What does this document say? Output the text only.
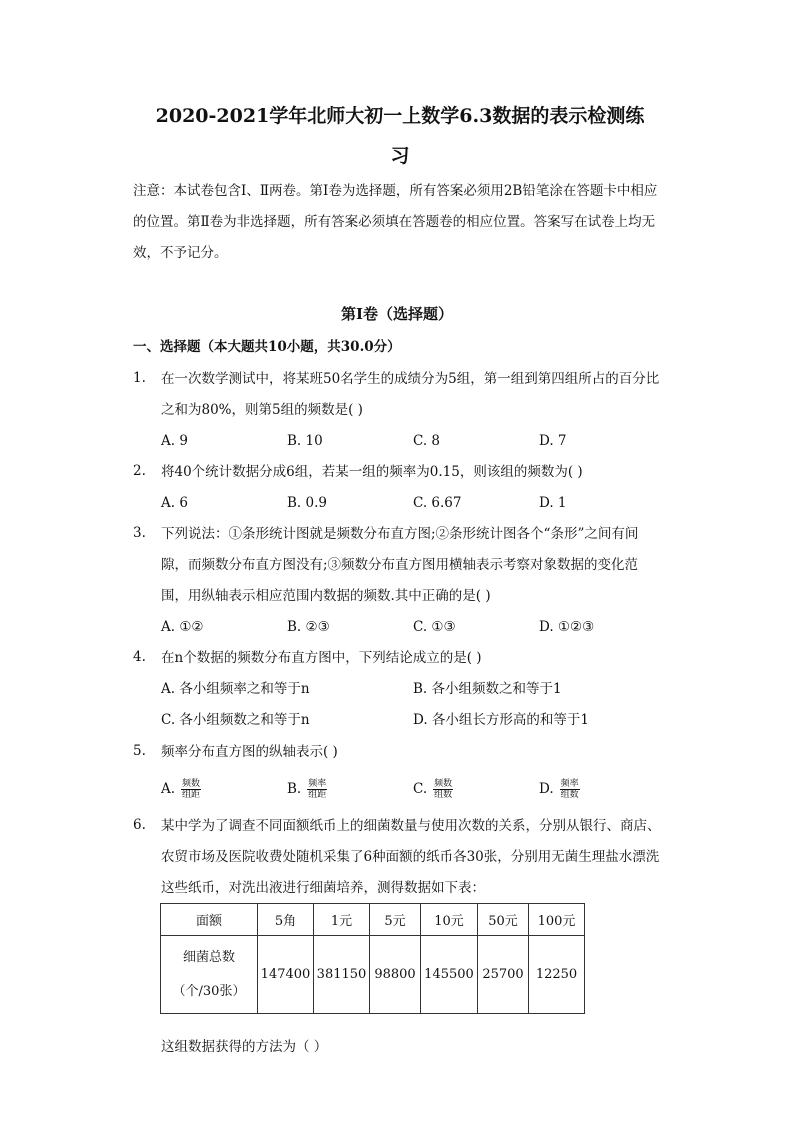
2020-2021学年北师大初一上数学6.3数据的表示检测练
习
注意：本试卷包含Ⅰ、Ⅱ两卷。第Ⅰ卷为选择题，所有答案必须用2B铅笔涂在答题卡中相应的位置。第Ⅱ卷为非选择题，所有答案必须填在答题卷的相应位置。答案写在试卷上均无效，不予记分。
第Ⅰ卷（选择题）
一、选择题（本大题共10小题，共30.0分）
1. 在一次数学测试中，将某班50名学生的成绩分为5组，第一组到第四组所占的百分比之和为80%，则第5组的频数是( )
A. 9	B. 10	C. 8	D. 7
2. 将40个统计数据分成6组，若某一组的频率为0.15，则该组的频数为( )
A. 6	B. 0.9	C. 6.67	D. 1
3. 下列说法：①条形统计图就是频数分布直方图;②条形统计图各个“条形”之间有间隙，而频数分布直方图没有;③频数分布直方图用横轴表示考察对象数据的变化范围，用纵轴表示相应范围内数据的频数.其中正确的是( )
A. ①②	B. ②③	C. ①③	D. ①②③
4. 在n个数据的频数分布直方图中，下列结论成立的是( )
A. 各小组频率之和等于n	B. 各小组频数之和等于1
C. 各小组频数之和等于n	D. 各小组长方形高的和等于1
5. 频率分布直方图的纵轴表示( )
A. $\frac{\text{频数}}{\text{组距}}$	B. $\frac{\text{频率}}{\text{组距}}$	C. $\frac{\text{频数}}{\text{组数}}$	D. $\frac{\text{频率}}{\text{组数}}$
6. 某中学为了调查不同面额纸币上的细菌数量与使用次数的关系，分别从银行、商店、农贸市场及医院收费处随机采集了6种面额的纸币各30张，分别用无菌生理盐水漂洗这些纸币，对洗出液进行细菌培养，测得数据如下表：
面额	5角	1元	5元	10元	50元	100元

细菌总数
（个/30张）	147400	381150	98800	145500	25700	12250
这组数据获得的方法为（ ）
